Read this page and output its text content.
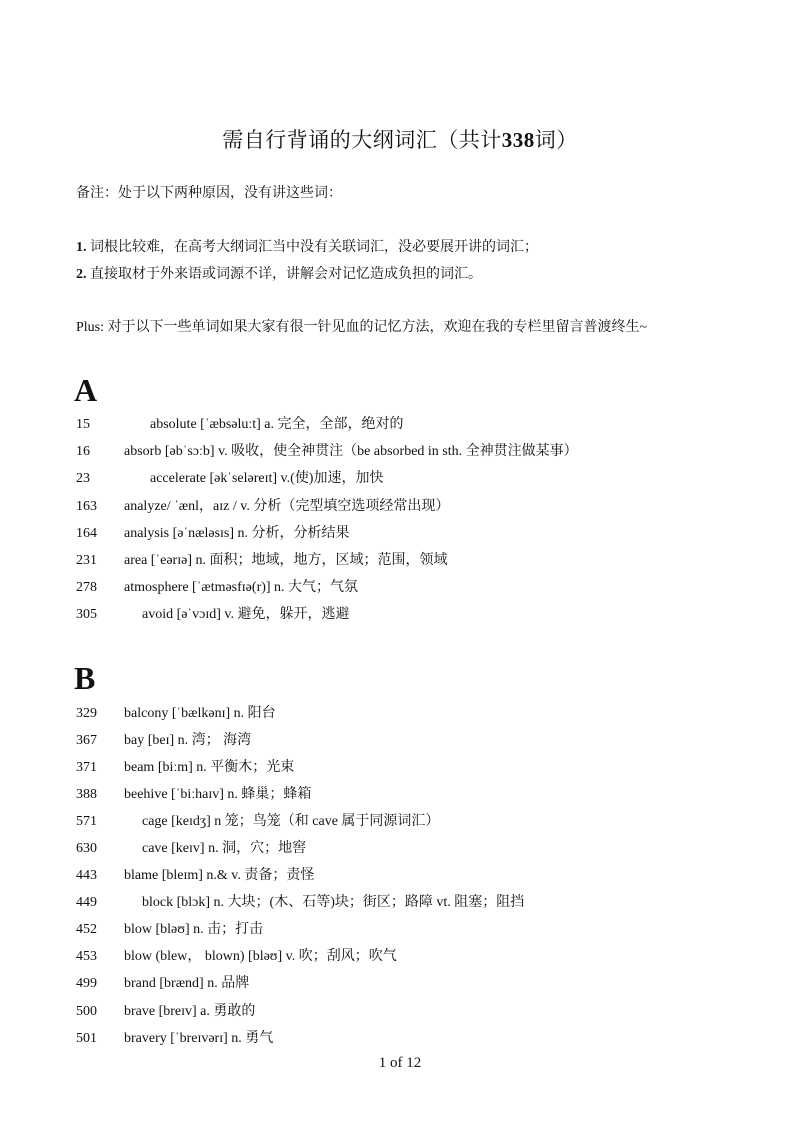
需自行背诵的大纲词汇（共计338词）
备注：处于以下两种原因，没有讲这些词：
1. 词根比较难，在高考大纲词汇当中没有关联词汇，没必要展开讲的词汇；
2. 直接取材于外来语或词源不详，讲解会对记忆造成负担的词汇。
Plus: 对于以下一些单词如果大家有很一针见血的记忆方法，欢迎在我的专栏里留言普渡终生~
A
15	absolute [ˈæbsəluːt] a. 完全，全部，绝对的
16 absorb [əbˈsɔːb] v. 吸收，使全神贯注（be absorbed in sth. 全神贯注做某事）
23	accelerate [əkˈseləreɪt] v.(使)加速，加快
163 analyze/ ˈænl，aɪz / v. 分析（完型填空选项经常出现）
164 analysis [əˈnæləsɪs] n. 分析，分析结果
231 area [ˈeərɪə] n. 面积；地域，地方，区域；范围，领域
278 atmosphere [ˈætməsfɪə(r)] n. 大气；气氛
305	avoid [əˈvɔɪd] v. 避免，躲开，逃避
B
329 balcony [ˈbælkənɪ] n. 阳台
367 bay [beɪ] n. 湾； 海湾
371 beam [biːm] n. 平衡木；光束
388 beehive [ˈbiːhaɪv] n. 蜂巢；蜂箱
571	cage [keɪdʒ] n 笼；鸟笼（和 cave 属于同源词汇）
630	cave [keɪv] n. 洞，穴；地窖
443 blame [bleɪm] n.& v. 责备；责怪
449	block [blɔk] n. 大块；(木、石等)块；街区；路障 vt. 阻塞；阻挡
452 blow [bləʊ] n. 击；打击
453 blow (blew， blown) [bləʊ] v. 吹；刮风；吹气
499 brand [brænd] n. 品牌
500 brave [breɪv] a. 勇敢的
501 bravery [ˈbreɪvərɪ] n. 勇气
1 of 12
